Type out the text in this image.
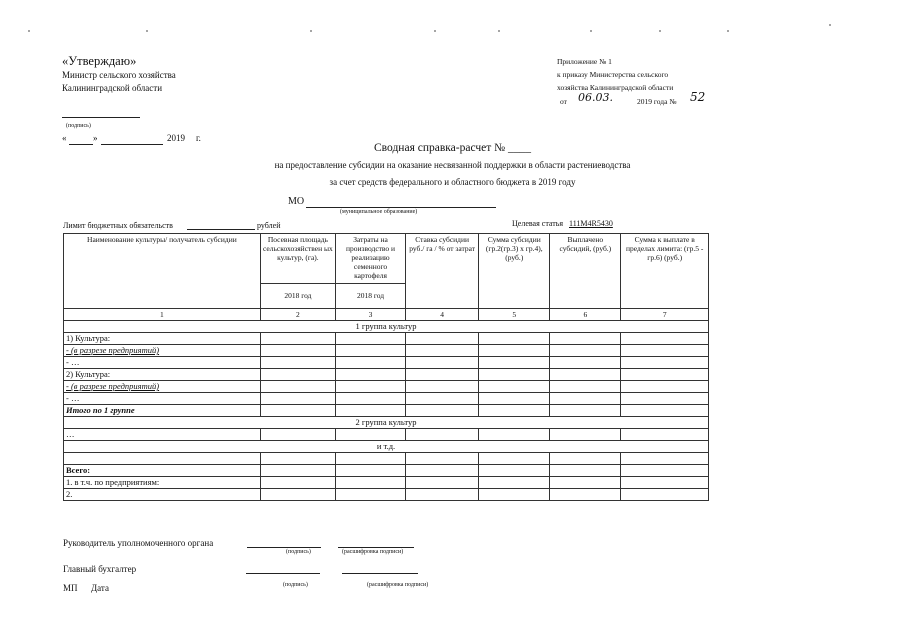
«Утверждаю»
Министр сельского хозяйства
Калининградской области
(подпись)
«	»	2019 г.
Приложение № 1
к приказу Министерства сельского
хозяйства Калининградской области
от 06.03.	2019 года № 52
Сводная справка-расчет № ____
на предоставление субсидии на оказание несвязанной поддержки в области растениеводства
за счет средств федерального и областного бюджета в 2019 году
МО
(муниципальное образование)
Лимит бюджетных обязательств	рублей	Целевая статья 111М4R5430
Наименование культуры/ получатель субсидии	Посевная площадь сельскохозяйствен ых культур, (га).	Затраты на производство и реализацию семенного картофеля	Ставка субсидии руб./ га / % от затрат	Сумма субсидии (гр.2(гр.3) х гр.4), (руб.)	Выплачено субсидий, (руб.)	Сумма к выплате в пределах лимита: (гр.5 - гр.6) (руб.)
	2018 год	2018 год				
1	2	3	4	5	6	7
1 группа культур						
1) Культура:						
- (в разрезе предприятий)						
- …						
2) Культура:						
- (в разрезе предприятий)						
- …						
Итого по 1 группе						
2 группа культур						
…						
и т.д.						

Всего:						
1. в т.ч. по предприятиям:						
2.						
Руководитель уполномоченного органа
(подпись)	(расшифровка подписи)
Главный бухгалтер
МП Дата	(подпись)	(расшифровка подписи)
